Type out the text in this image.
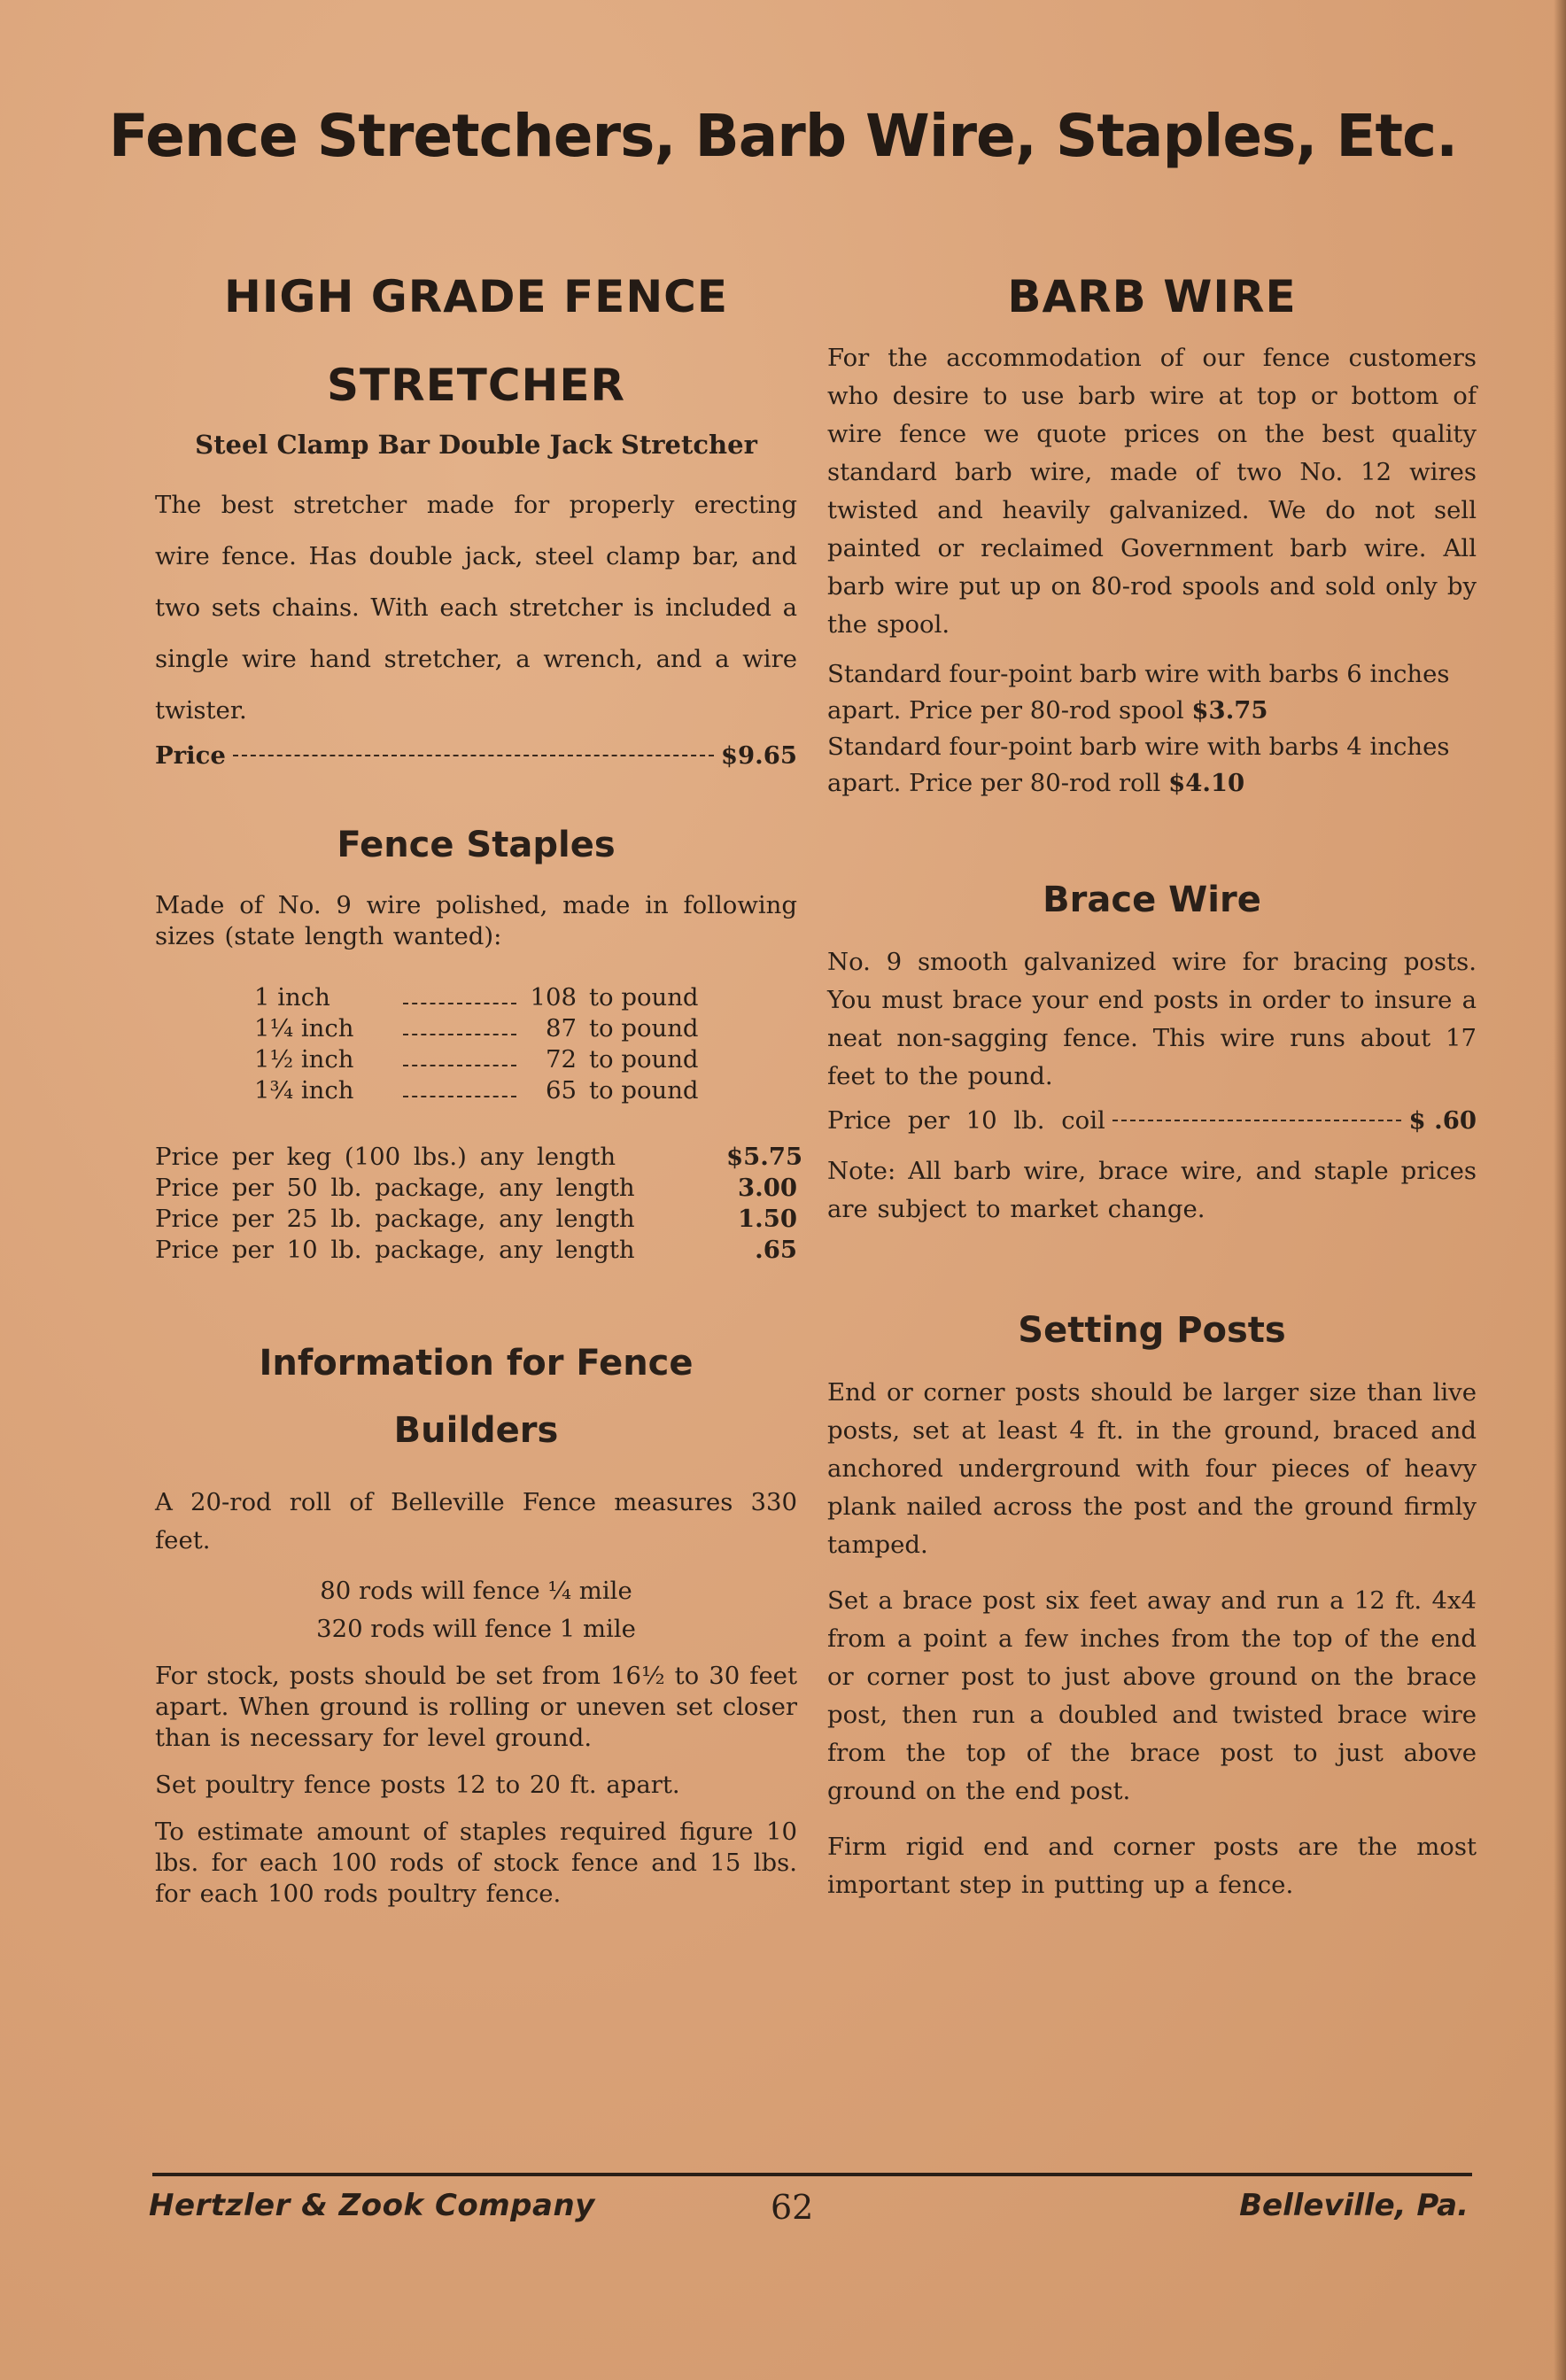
Fence Stretchers, Barb Wire, Staples, Etc.
HIGH GRADE FENCE
STRETCHER
Steel Clamp Bar Double Jack Stretcher

The best stretcher made for properly erecting wire fence. Has double jack, steel clamp bar, and two sets chains. With each stretcher is included a single wire hand stretcher, a wrench, and a wire twister.

Price	$9.65
Fence Staples

Made of No. 9 wire polished, made in following sizes (state length wanted):

1 inch	108 to pound
1¼ inch	87 to pound
1½ inch	72 to pound
1¾ inch	65 to pound
Price per keg (100 lbs.) any length	$5.75
Price per 50 lb. package, any length	3.00
Price per 25 lb. package, any length	1.50
Price per 10 lb. package, any length	.65
Information for Fence
Builders

A 20-rod roll of Belleville Fence measures 330 feet.

80 rods will fence ¼ mile
320 rods will fence 1 mile

For stock, posts should be set from 16½ to 30 feet apart. When ground is rolling or uneven set closer than is necessary for level ground.

Set poultry fence posts 12 to 20 ft. apart.

To estimate amount of staples required figure 10 lbs. for each 100 rods of stock fence and 15 lbs. for each 100 rods poultry fence.

BARB WIRE

For the accommodation of our fence customers who desire to use barb wire at top or bottom of wire fence we quote prices on the best quality standard barb wire, made of two No. 12 wires twisted and heavily galvanized. We do not sell painted or reclaimed Government barb wire. All barb wire put up on 80-rod spools and sold only by the spool.

Standard four-point barb wire with barbs 6 inches apart. Price per 80-rod spool $3.75
Standard four-point barb wire with barbs 4 inches apart. Price per 80-rod roll $4.10
Brace Wire

No. 9 smooth galvanized wire for bracing posts. You must brace your end posts in order to insure a neat non-sagging fence. This wire runs about 17 feet to the pound.

Price per 10 lb. coil	$ .60

Note: All barb wire, brace wire, and staple prices are subject to market change.

Setting Posts

End or corner posts should be larger size than live posts, set at least 4 ft. in the ground, braced and anchored underground with four pieces of heavy plank nailed across the post and the ground firmly tamped.

Set a brace post six feet away and run a 12 ft. 4x4 from a point a few inches from the top of the end or corner post to just above ground on the brace post, then run a doubled and twisted brace wire from the top of the brace post to just above ground on the end post.

Firm rigid end and corner posts are the most important step in putting up a fence.

Hertzler & Zook Company	62	Belleville, Pa.
